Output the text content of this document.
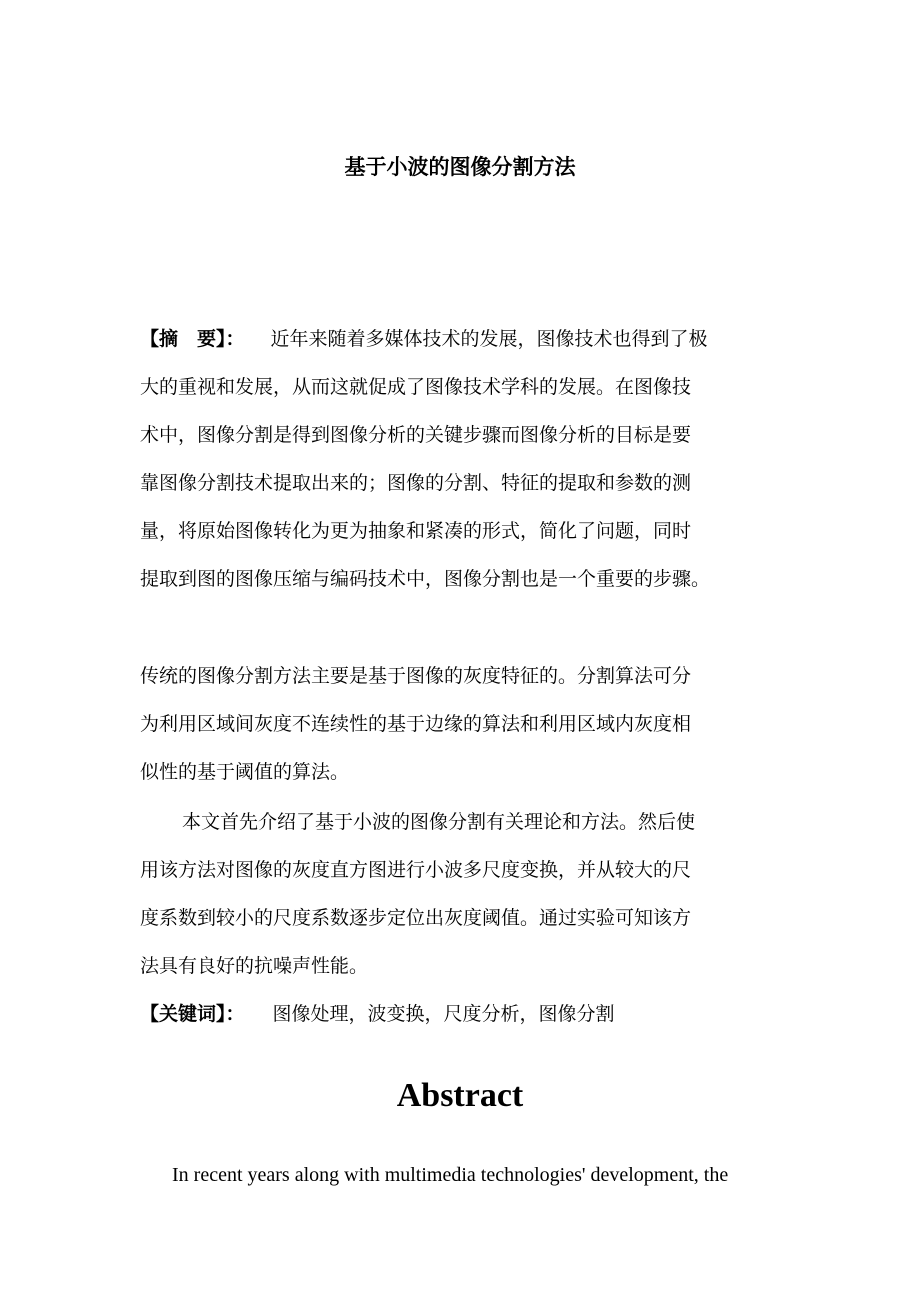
基于小波的图像分割方法
【摘　要】： 近年来随着多媒体技术的发展，图像技术也得到了极
大的重视和发展，从而这就促成了图像技术学科的发展。在图像技
术中，图像分割是得到图像分析的关键步骤而图像分析的目标是要
靠图像分割技术提取出来的；图像的分割、特征的提取和参数的测
量，将原始图像转化为更为抽象和紧凑的形式，简化了问题，同时
提取到图的图像压缩与编码技术中，图像分割也是一个重要的步骤。
传统的图像分割方法主要是基于图像的灰度特征的。分割算法可分
为利用区域间灰度不连续性的基于边缘的算法和利用区域内灰度相
似性的基于阈值的算法。
本文首先介绍了基于小波的图像分割有关理论和方法。然后使
用该方法对图像的灰度直方图进行小波多尺度变换，并从较大的尺
度系数到较小的尺度系数逐步定位出灰度阈值。通过实验可知该方
法具有良好的抗噪声性能。
【关键词】： 图像处理，波变换，尺度分析，图像分割
Abstract
In recent years along with multimedia technologies' development, the
